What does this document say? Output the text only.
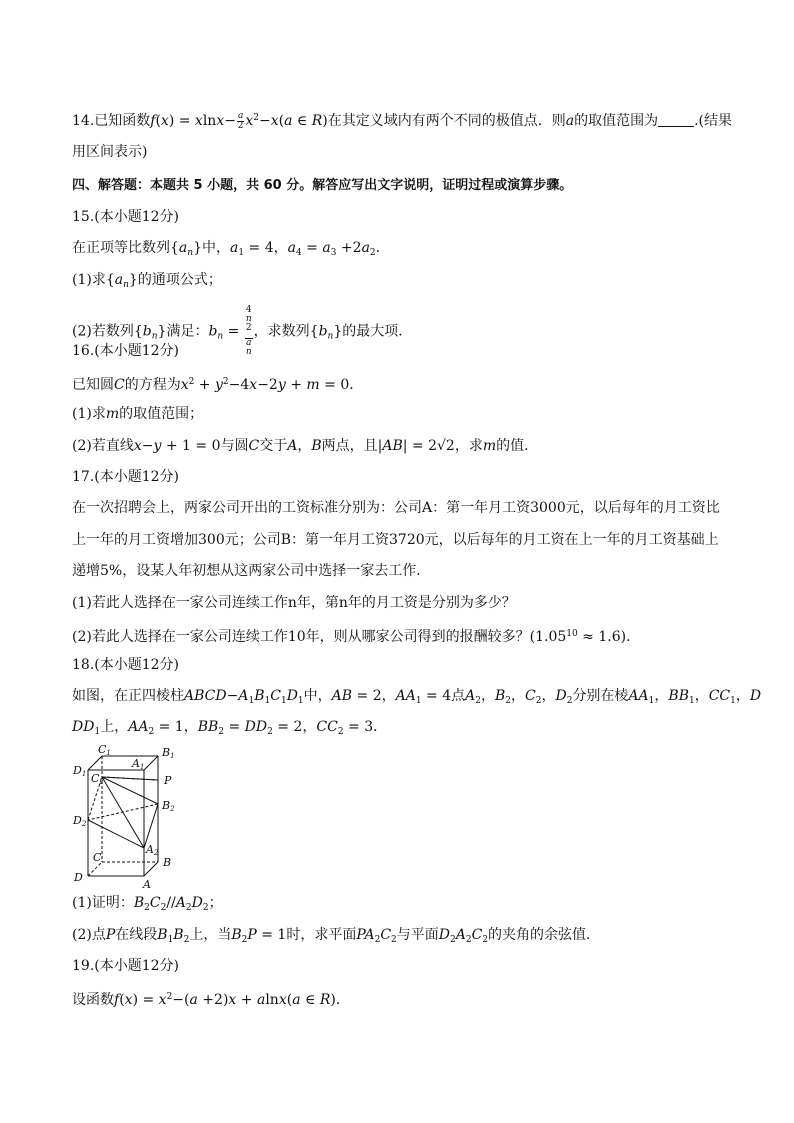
14.已知函数$f(x) = xlnx- \frac{a}{2} x^2-x(a$ ∈ R)在其定义域内有两个不同的极值点．则a的取值范围为	.(结果
用区间表示)
四、解答题：本题共 5 小题，共 60 分。解答应写出文字说明，证明过程或演算步骤。
15.(本小题12分)
在正项等比数列$\{a_n\}$中，$a_1 = 4$，$a_4 = a_3 +2a_2$．
(1)求$\{a_n\}$的通项公式；
(2)若数列$\{b_n\}$满足：$b_n = 4$
n
$^2$
a
$_n$ ，求数列$\{b_n\}$的最大项．
16.(本小题12分)
已知圆C的方程为$x^2 + y^2-4x-2y + m = 0$．
(1)求m的取值范围；
(2)若直线x−y + 1 = 0与圆C交于A，B两点，且|AB| = 2√2，求m的值．
17.(本小题12分)
在一次招聘会上，两家公司开出的工资标准分别为：公司A：第一年月工资3000元，以后每年的月工资比
上一年的月工资增加300元；公司B：第一年月工资3720元，以后每年的月工资在上一年的月工资基础上
递增5%，设某人年初想从这两家公司中选择一家去工作．
(1)若此人选择在一家公司连续工作n年，第n年的月工资是分别为多少？
(2)若此人选择在一家公司连续工作10年，则从哪家公司得到的报酬较多？$(1.05^{10} \approx 1.6)$．
18.(本小题12分)
如图，在正四棱柱$ABCD-A_1B_1C_1D_1$中，AB = 2，$AA_1 = 4$点$A_2$，$B_2$，$C_2$，$D_2$分别在棱$AA_1$，$BB_1$，$CC_1$，D
$DD_1$上，$AA_2 = 1$，$BB_2 = DD_2 = 2$，$CC_2 = 3$．
C1	B1
A1
D1 C2	P
B2
D2
A2
C	B
D
A
(1)证明：$B_2C_2//A_2D_2$；
(2)点P在线段$B_1B_2$上，当$B_2P = 1$时，求平面$PA_2C_2$与平面$D_2A_2C_2$的夹角的余弦值．
19.(本小题12分)
设函数$f(x) = x^2-(a +2)x + alnx(a$ ∈ R)．
